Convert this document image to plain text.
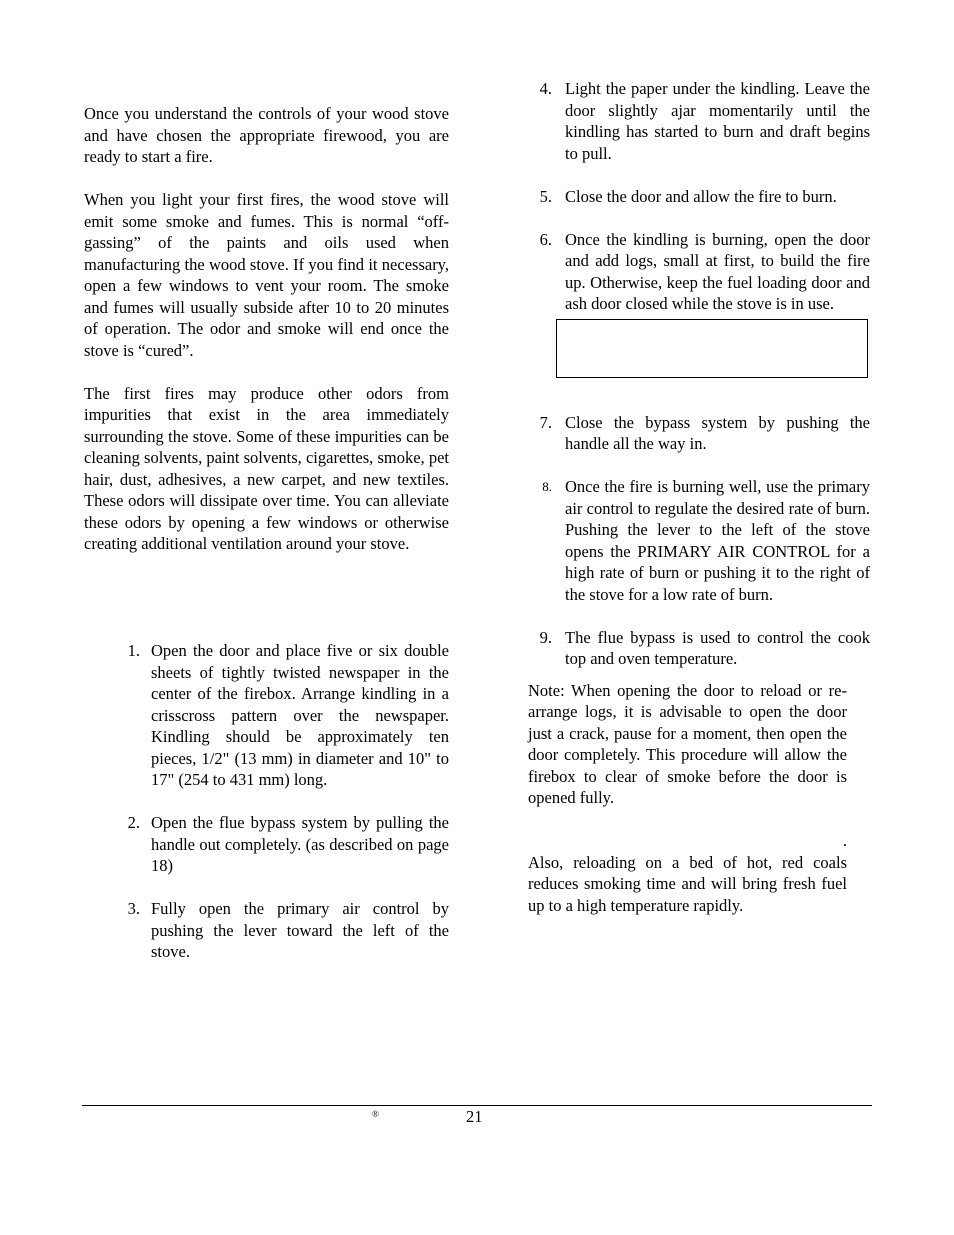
Once you understand the controls of your wood stove and have chosen the appropriate firewood, you are ready to start a fire.

When you light your first fires, the wood stove will emit some smoke and fumes. This is normal “off-gassing” of the paints and oils used when manufacturing the wood stove. If you find it necessary, open a few windows to vent your room. The smoke and fumes will usually subside after 10 to 20 minutes of operation. The odor and smoke will end once the stove is “cured”.

The first fires may produce other odors from impurities that exist in the area immediately surrounding the stove. Some of these impurities can be cleaning solvents, paint solvents, cigarettes, smoke, pet hair, dust, adhesives, a new carpet, and new textiles. These odors will dissipate over time. You can alleviate these odors by opening a few windows or otherwise creating additional ventilation around your stove.

1. Open the door and place five or six double sheets of tightly twisted newspaper in the center of the firebox. Arrange kindling in a crisscross pattern over the newspaper. Kindling should be approximately ten pieces, 1/2" (13 mm) in diameter and 10" to 17" (254 to 431 mm) long.
2. Open the flue bypass system by pulling the handle out completely. (as described on page 18)
3. Fully open the primary air control by pushing the lever toward the left of the stove.
4. Light the paper under the kindling. Leave the door slightly ajar momentarily until the kindling has started to burn and draft begins to pull.
5. Close the door and allow the fire to burn.
6. Once the kindling is burning, open the door and add logs, small at first, to build the fire up. Otherwise, keep the fuel loading door and ash door closed while the stove is in use.
7. Close the bypass system by pushing the handle all the way in.
8. Once the fire is burning well, use the primary air control to regulate the desired rate of burn. Pushing the lever to the left of the stove opens the PRIMARY AIR CONTROL for a high rate of burn or pushing it to the right of the stove for a low rate of burn.
9. The flue bypass is used to control the cook top and oven temperature.

Note: When opening the door to reload or re-arrange logs, it is advisable to open the door just a crack, pause for a moment, then open the door completely. This procedure will allow the firebox to clear of smoke before the door is opened fully.

.

Also, reloading on a bed of hot, red coals reduces smoking time and will bring fresh fuel up to a high temperature rapidly.

®	21
